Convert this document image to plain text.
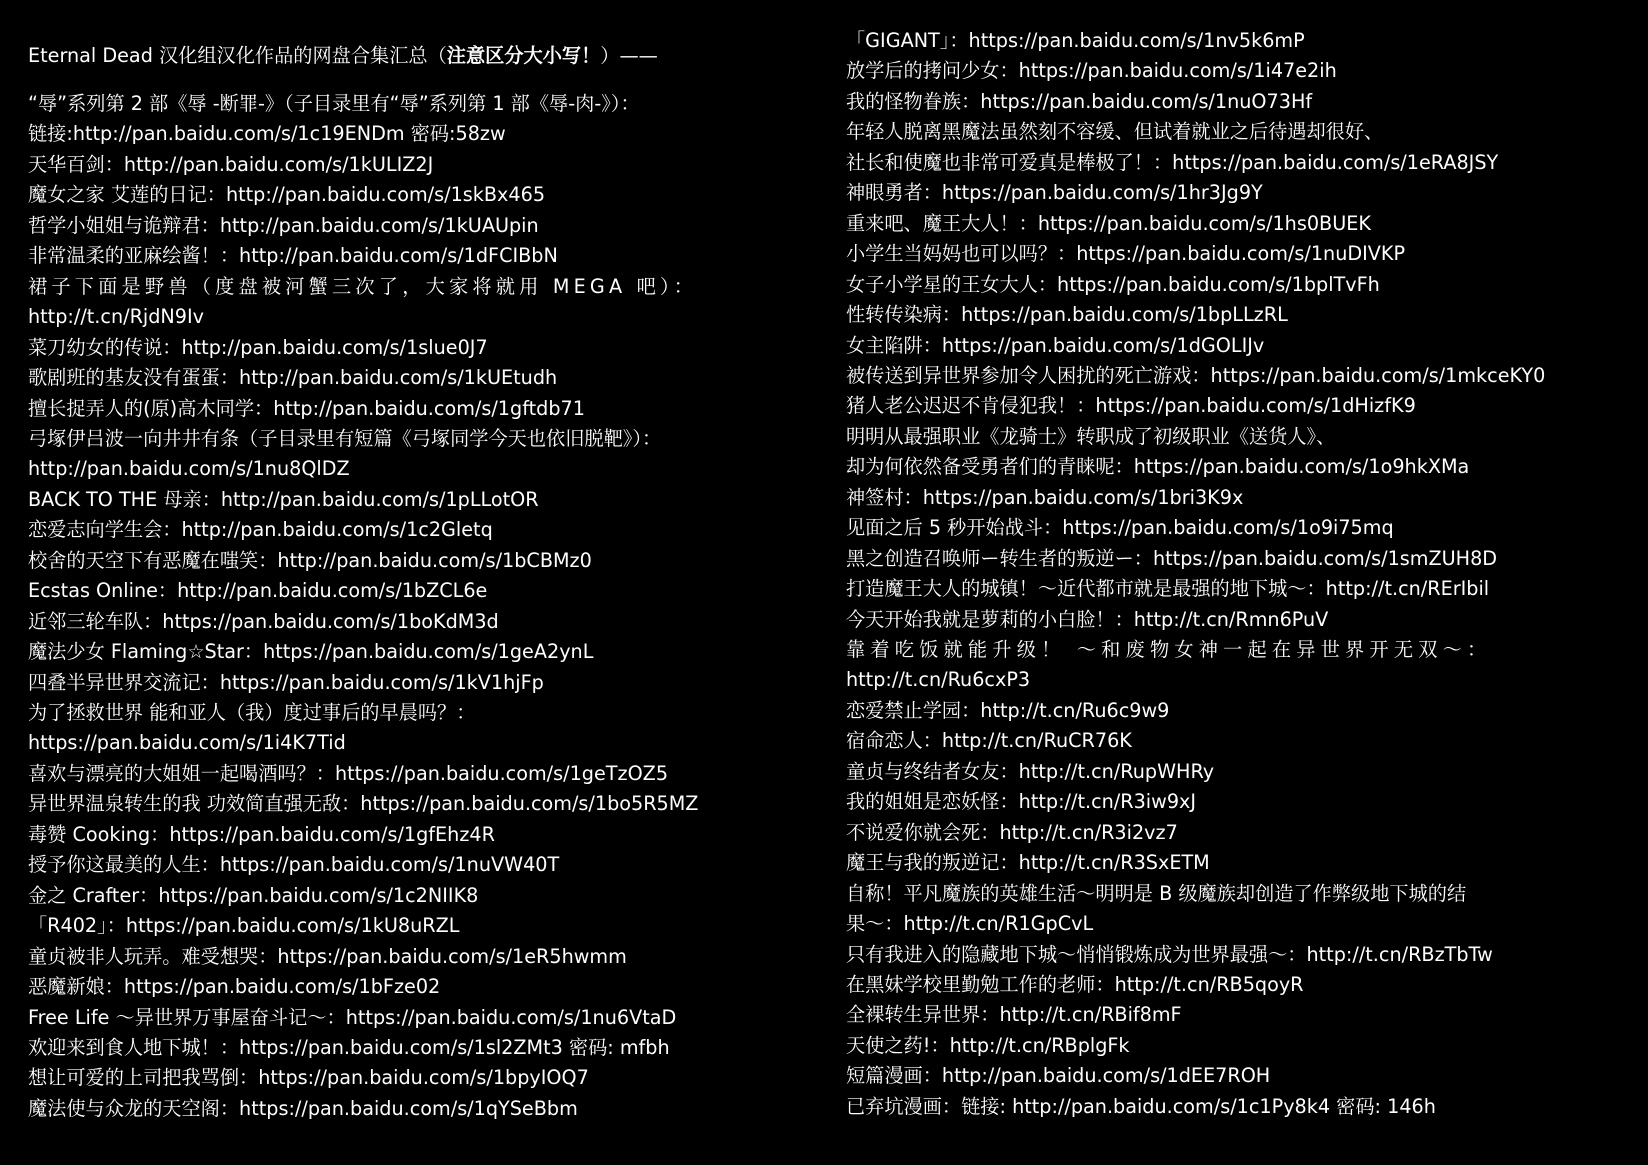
Eternal Dead 汉化组汉化作品的网盘合集汇总（注意区分大小写！）——
“辱”系列第 2 部《辱 -断罪-》（子目录里有“辱”系列第 1 部《辱-肉-》）：
链接:http://pan.baidu.com/s/1c19ENDm 密码:58zw
天华百剑：http://pan.baidu.com/s/1kULIZ2J
魔女之家 艾莲的日记：http://pan.baidu.com/s/1skBx465
哲学小姐姐与诡辩君：http://pan.baidu.com/s/1kUAUpin
非常温柔的亚麻绘酱！：http://pan.baidu.com/s/1dFCIBbN
裙子下面是野兽（度盘被河蟹三次了，大家将就用 MEGA 吧）：
http://t.cn/RjdN9Iv
菜刀幼女的传说：http://pan.baidu.com/s/1slue0J7
歌剧班的基友没有蛋蛋：http://pan.baidu.com/s/1kUEtudh
擅长捉弄人的(原)高木同学：http://pan.baidu.com/s/1gftdb71
弓塚伊吕波一向井井有条（子目录里有短篇《弓塚同学今天也依旧脱靶》）：
http://pan.baidu.com/s/1nu8QlDZ
BACK TO THE 母亲：http://pan.baidu.com/s/1pLLotOR
恋爱志向学生会：http://pan.baidu.com/s/1c2Gletq
校舍的天空下有恶魔在嗤笑：http://pan.baidu.com/s/1bCBMz0
Ecstas Online：http://pan.baidu.com/s/1bZCL6e
近邻三轮车队：https://pan.baidu.com/s/1boKdM3d
魔法少女 Flaming☆Star：https://pan.baidu.com/s/1geA2ynL
四叠半异世界交流记：https://pan.baidu.com/s/1kV1hjFp
为了拯救世界 能和亚人（我）度过事后的早晨吗？：
https://pan.baidu.com/s/1i4K7Tid
喜欢与漂亮的大姐姐一起喝酒吗？：https://pan.baidu.com/s/1geTzOZ5
异世界温泉转生的我 功效简直强无敌：https://pan.baidu.com/s/1bo5R5MZ
毒赞 Cooking：https://pan.baidu.com/s/1gfEhz4R
授予你这最美的人生：https://pan.baidu.com/s/1nuVW40T
金之 Crafter：https://pan.baidu.com/s/1c2NIIK8
「R402」：https://pan.baidu.com/s/1kU8uRZL
童贞被非人玩弄。难受想哭：https://pan.baidu.com/s/1eR5hwmm
恶魔新娘：https://pan.baidu.com/s/1bFze02
Free Life ～异世界万事屋奋斗记～：https://pan.baidu.com/s/1nu6VtaD
欢迎来到食人地下城！：https://pan.baidu.com/s/1sl2ZMt3 密码: mfbh
想让可爱的上司把我骂倒：https://pan.baidu.com/s/1bpyIOQ7
魔法使与众龙的天空阁：https://pan.baidu.com/s/1qYSeBbm
「GIGANT」：https://pan.baidu.com/s/1nv5k6mP
放学后的拷问少女：https://pan.baidu.com/s/1i47e2ih
我的怪物眷族：https://pan.baidu.com/s/1nuO73Hf
年轻人脱离黑魔法虽然刻不容缓、但试着就业之后待遇却很好、
社长和使魔也非常可爱真是棒极了！：https://pan.baidu.com/s/1eRA8JSY
神眼勇者：https://pan.baidu.com/s/1hr3Jg9Y
重来吧、魔王大人！：https://pan.baidu.com/s/1hs0BUEK
小学生当妈妈也可以吗？：https://pan.baidu.com/s/1nuDIVKP
女子小学星的王女大人：https://pan.baidu.com/s/1bplTvFh
性转传染病：https://pan.baidu.com/s/1bpLLzRL
女主陷阱：https://pan.baidu.com/s/1dGOLIJv
被传送到异世界参加令人困扰的死亡游戏：https://pan.baidu.com/s/1mkceKY0
猪人老公迟迟不肯侵犯我！：https://pan.baidu.com/s/1dHizfK9
明明从最强职业《龙骑士》转职成了初级职业《送货人》、
却为何依然备受勇者们的青睐呢：https://pan.baidu.com/s/1o9hkXMa
神签村：https://pan.baidu.com/s/1bri3K9x
见面之后 5 秒开始战斗：https://pan.baidu.com/s/1o9i75mq
黑之创造召唤师ー转生者的叛逆ー：https://pan.baidu.com/s/1smZUH8D
打造魔王大人的城镇！～近代都市就是最强的地下城～：http://t.cn/RErIbil
今天开始我就是萝莉的小白脸！：http://t.cn/Rmn6PuV
靠着吃饭就能升级！ ～和废物女神一起在异世界开无双～：
http://t.cn/Ru6cxP3
恋爱禁止学园：http://t.cn/Ru6c9w9
宿命恋人：http://t.cn/RuCR76K
童贞与终结者女友：http://t.cn/RupWHRy
我的姐姐是恋妖怪：http://t.cn/R3iw9xJ
不说爱你就会死：http://t.cn/R3i2vz7
魔王与我的叛逆记：http://t.cn/R3SxETM
自称！平凡魔族的英雄生活～明明是 B 级魔族却创造了作弊级地下城的结
果～：http://t.cn/R1GpCvL
只有我进入的隐藏地下城～悄悄锻炼成为世界最强～：http://t.cn/RBzTbTw
在黑妹学校里勤勉工作的老师：http://t.cn/RB5qoyR
全裸转生异世界：http://t.cn/RBif8mF
天使之药!：http://t.cn/RBplgFk
短篇漫画：http://pan.baidu.com/s/1dEE7ROH
已弃坑漫画：链接: http://pan.baidu.com/s/1c1Py8k4 密码: 146h
